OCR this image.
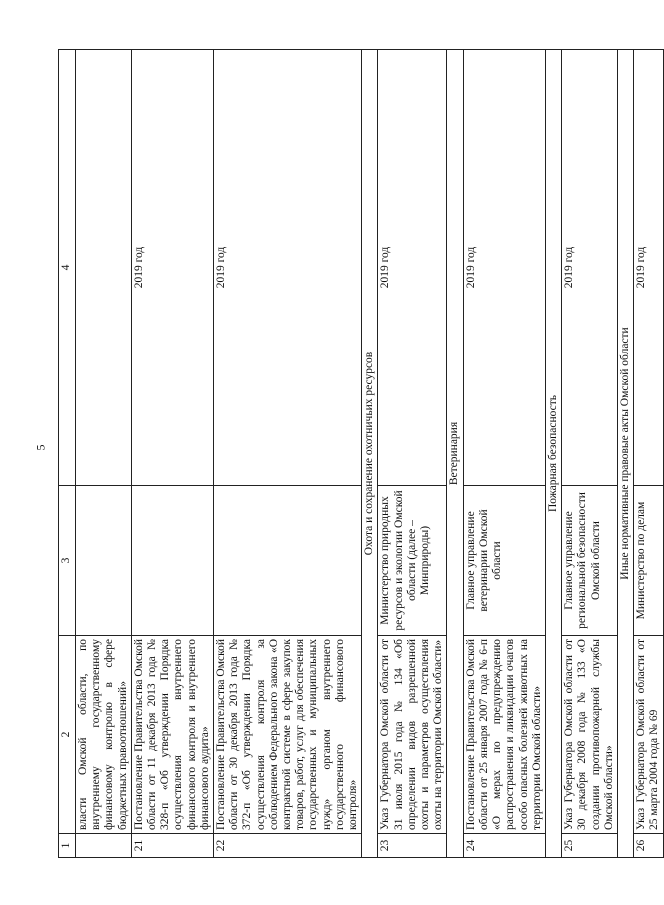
5
1	2	3	4
	власти Омской области, по внутреннему государственному финансовому контролю в сфере бюджетных правоотношений»		
21	Постановление Правительства Омской области от 11 декабря 2013 года № 328-п «Об утверждении Порядка осуществления внутреннего финансового контроля и внутреннего финансового аудита»		2019 год
22	Постановление Правительства Омской области от 30 декабря 2013 года № 372-п «Об утверждении Порядка осуществления контроля за соблюдением Федерального закона «О контрактной системе в сфере закупок товаров, работ, услуг для обеспечения государственных и муниципальных нужд» органом внутреннего государственного финансового контроля»		2019 год
Охота и сохранение охотничьих ресурсов			
23	Указ Губернатора Омской области от 31 июля 2015 года № 134 «Об определении видов разрешенной охоты и параметров осуществления охоты на территории Омской области»	Министерство природных ресурсов и экологии Омской области (далее – Минприроды)	2019 год
Ветеринария			
24	Постановление Правительства Омской области от 25 января 2007 года № 6-п «О мерах по предупреждению распространения и ликвидации очагов особо опасных болезней животных на территории Омской области»	Главное управление ветеринарии Омской области	2019 год
Пожарная безопасность			
25	Указ Губернатора Омской области от 30 декабря 2008 года № 133 «О создании противопожарной службы Омской области»	Главное управление региональной безопасности Омской области	2019 год
Иные нормативные правовые акты Омской области			
26	Указ Губернатора Омской области от 25 марта 2004 года № 69	Министерство по делам	2019 год
